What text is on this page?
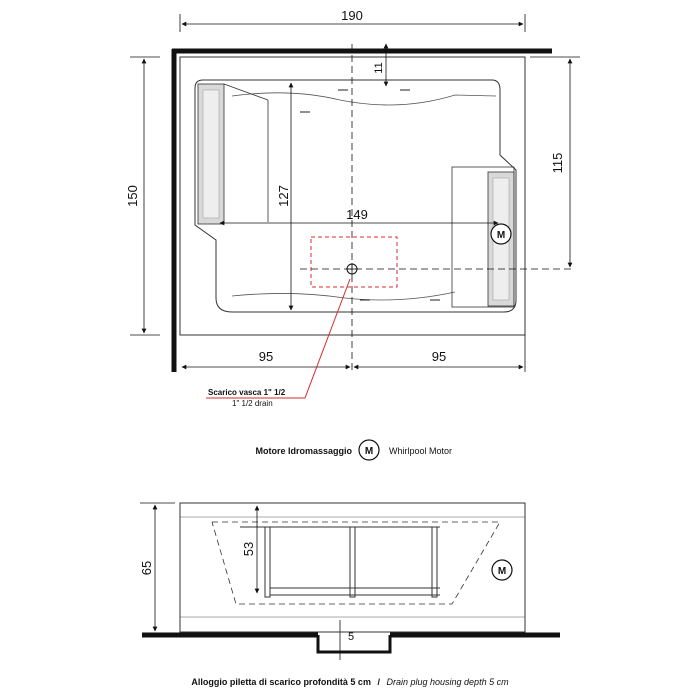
M
190
150	127
149
115
11
95	95
Scarico vasca 1" 1/2
1" 1/2 drain
Motore Idromassaggio M Whirlpool Motor
5
65
53
M
Alloggio piletta di scarico profondità 5 cm / Drain plug housing depth 5 cm
